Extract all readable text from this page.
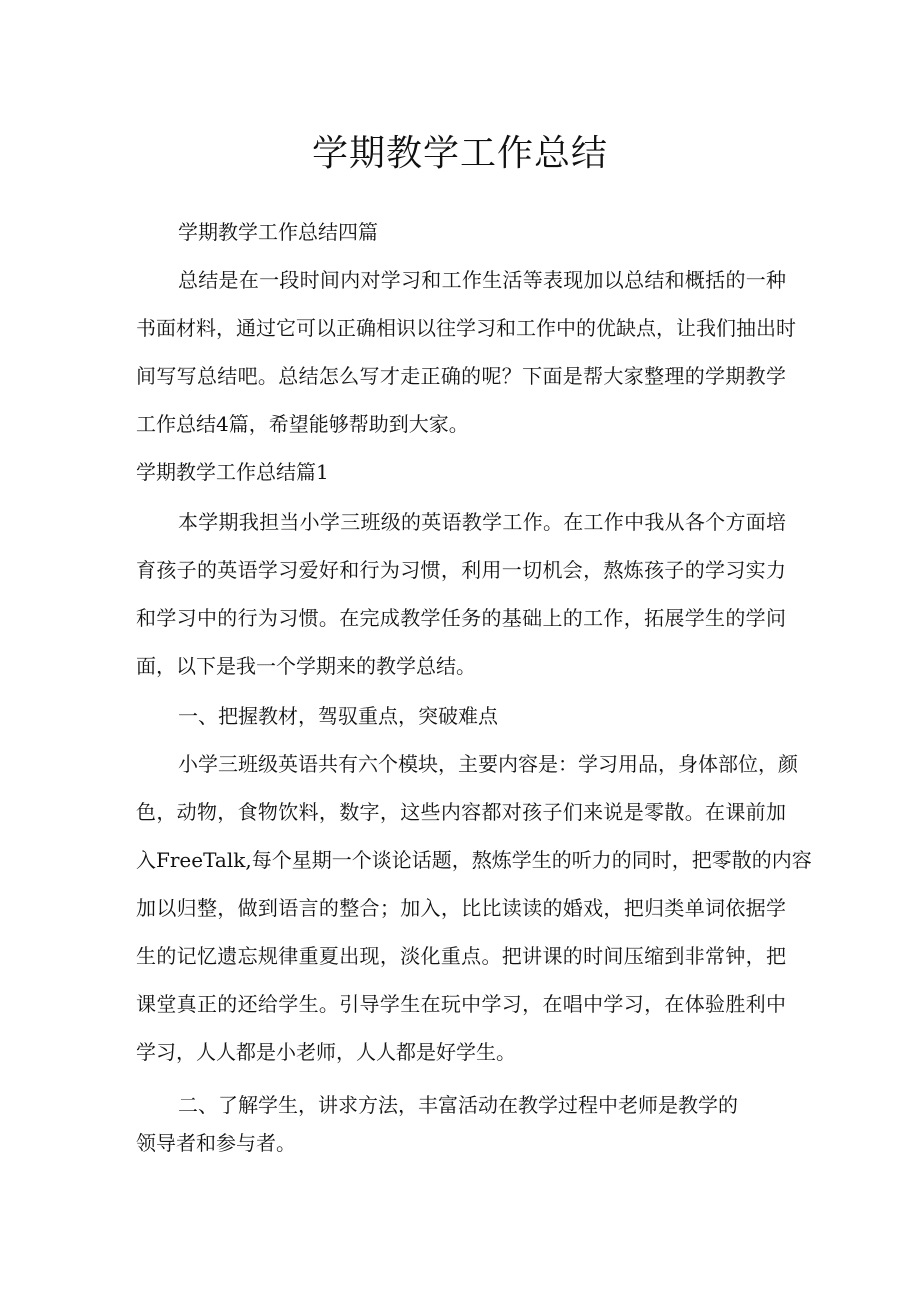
学期教学工作总结
学期教学工作总结四篇
总结是在一段时间内对学习和工作生活等表现加以总结和概括的一种
书面材料，通过它可以正确相识以往学习和工作中的优缺点，让我们抽出时
间写写总结吧。总结怎么写才走正确的呢？下面是帮大家整理的学期教学
工作总结4篇，希望能够帮助到大家。
学期教学工作总结篇1
本学期我担当小学三班级的英语教学工作。在工作中我从各个方面培
育孩子的英语学习爱好和行为习惯，利用一切机会，熬炼孩子的学习实力
和学习中的行为习惯。在完成教学任务的基础上的工作，拓展学生的学问
面，以下是我一个学期来的教学总结。
一、把握教材，驾驭重点，突破难点
小学三班级英语共有六个模块，主要内容是：学习用品，身体部位，颜
色，动物，食物饮料，数字，这些内容都对孩子们来说是零散。在课前加
入FreeTalk,每个星期一个谈论话题，熬炼学生的听力的同时，把零散的内容
加以归整，做到语言的整合；加入，比比读读的婚戏，把归类单词依据学
生的记忆遗忘规律重夏出现，淡化重点。把讲课的时间压缩到非常钟，把
课堂真正的还给学生。引导学生在玩中学习，在唱中学习，在体验胜利中
学习，人人都是小老师，人人都是好学生。
二、了解学生，讲求方法，丰富活动在教学过程中老师是教学的
领导者和参与者。
